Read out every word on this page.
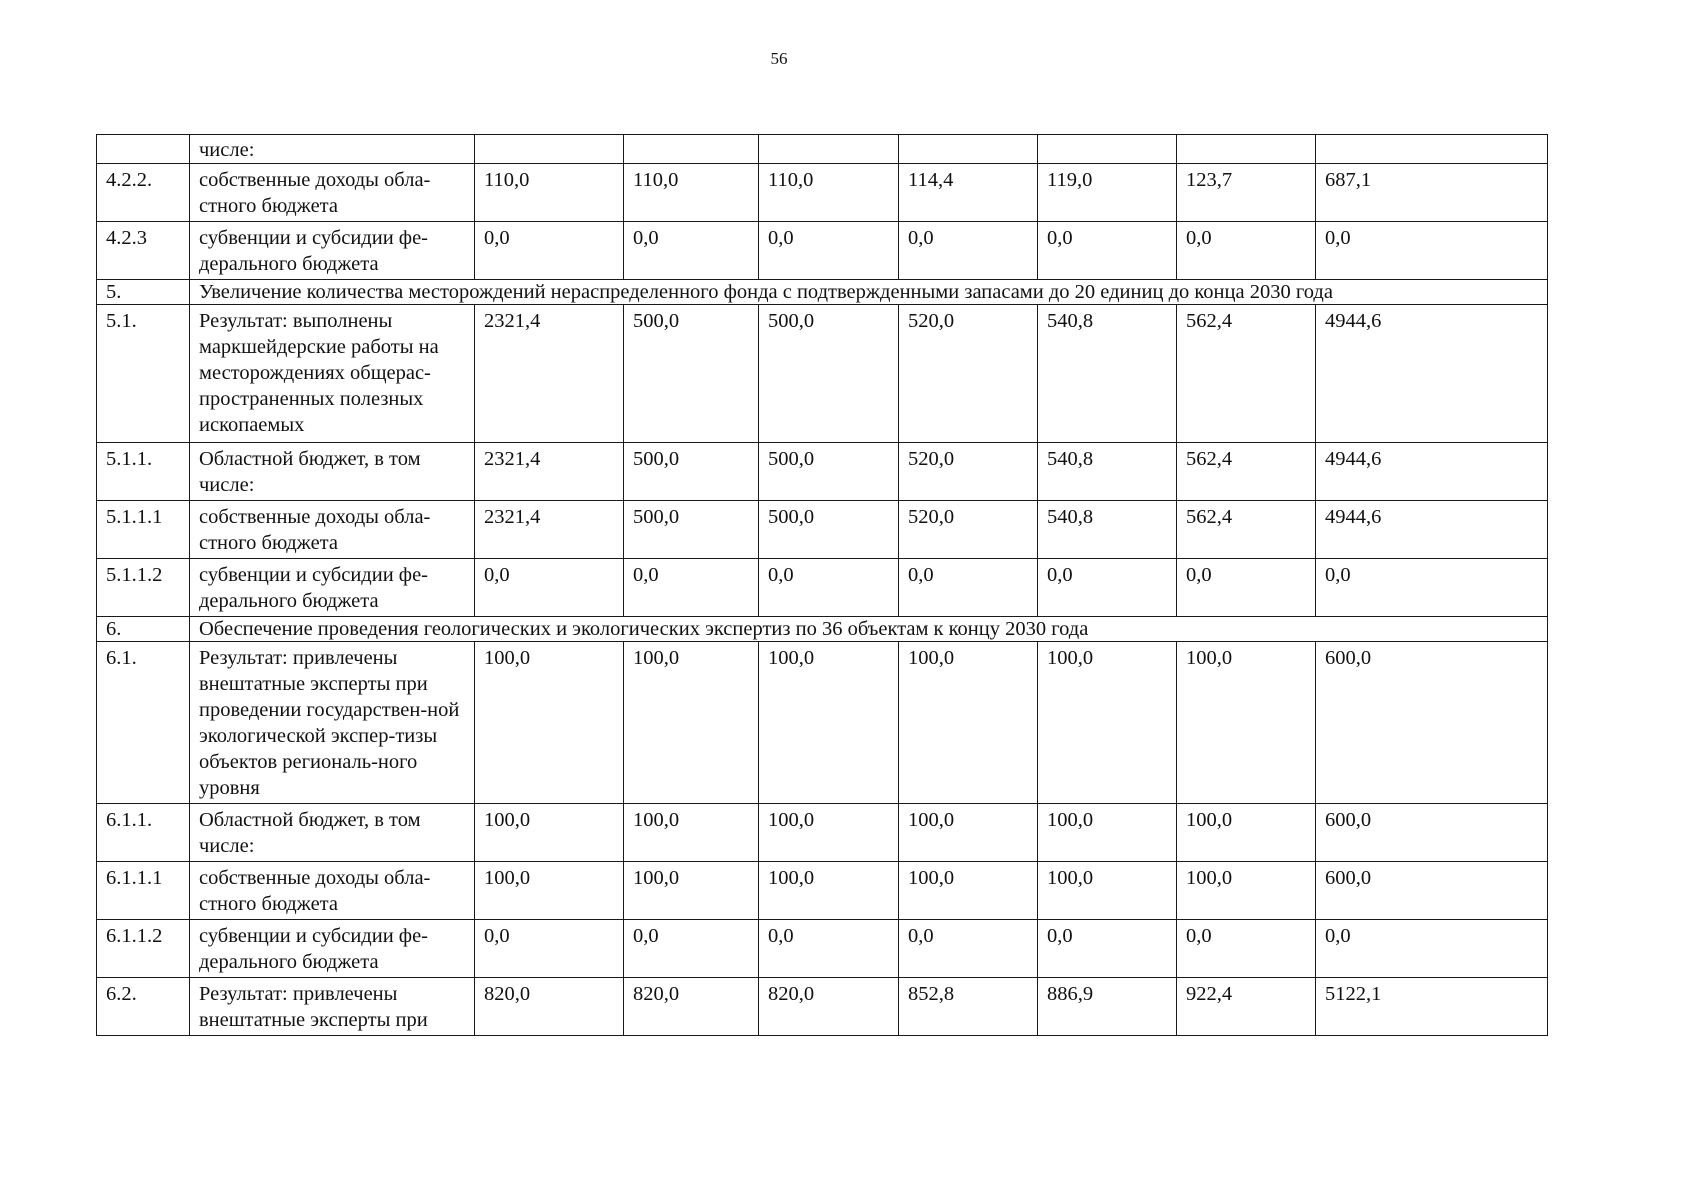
56
	числе:							
4.2.2.	собственные доходы обла-стного бюджета	110,0	110,0	110,0	114,4	119,0	123,7	687,1
4.2.3	субвенции и субсидии фе-дерального бюджета	0,0	0,0	0,0	0,0	0,0	0,0	0,0
5.	Увеличение количества месторождений нераспределенного фонда с подтвержденными запасами до 20 единиц до конца 2030 года							
5.1.	Результат: выполнены маркшейдерские работы на месторождениях общерас-пространенных полезных ископаемых	2321,4	500,0	500,0	520,0	540,8	562,4	4944,6
5.1.1.	Областной бюджет, в том числе:	2321,4	500,0	500,0	520,0	540,8	562,4	4944,6
5.1.1.1	собственные доходы обла-стного бюджета	2321,4	500,0	500,0	520,0	540,8	562,4	4944,6
5.1.1.2	субвенции и субсидии фе-дерального бюджета	0,0	0,0	0,0	0,0	0,0	0,0	0,0
6.	Обеспечение проведения геологических и экологических экспертиз по 36 объектам к концу 2030 года							
6.1.	Результат: привлечены внештатные эксперты при проведении государствен-ной экологической экспер-тизы объектов региональ-ного уровня	100,0	100,0	100,0	100,0	100,0	100,0	600,0
6.1.1.	Областной бюджет, в том числе:	100,0	100,0	100,0	100,0	100,0	100,0	600,0
6.1.1.1	собственные доходы обла-стного бюджета	100,0	100,0	100,0	100,0	100,0	100,0	600,0
6.1.1.2	субвенции и субсидии фе-дерального бюджета	0,0	0,0	0,0	0,0	0,0	0,0	0,0
6.2.	Результат: привлечены внештатные эксперты при	820,0	820,0	820,0	852,8	886,9	922,4	5122,1
